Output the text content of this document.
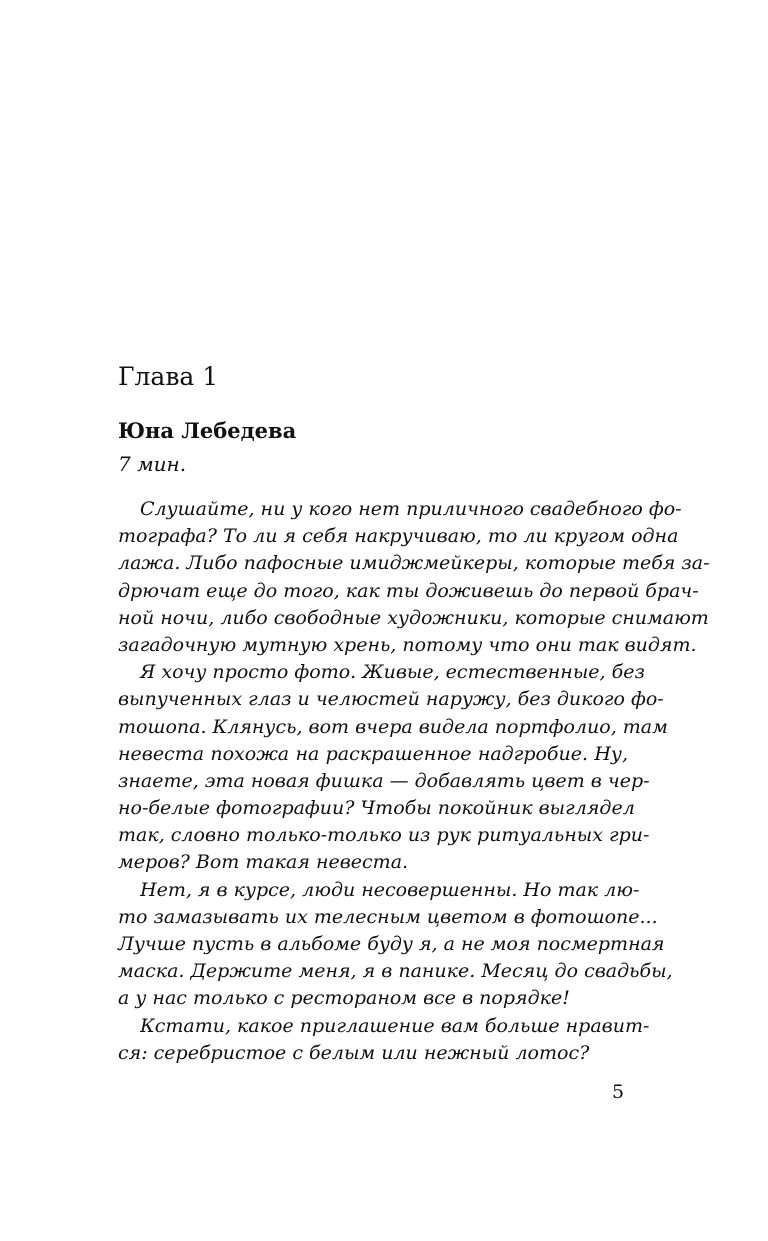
Глава 1

Юна Лебедева

7 мин.

Слушайте, ни у кого нет приличного свадебного фо-
тографа? То ли я себя накручиваю, то ли кругом одна
лажа. Либо пафосные имиджмейкеры, которые тебя за-
дрючат еще до того, как ты доживешь до первой брач-
ной ночи, либо свободные художники, которые снимают
загадочную мутную хрень, потому что они так видят.
Я хочу просто фото. Живые, естественные, без
выпученных глаз и челюстей наружу, без дикого фо-
тошопа. Клянусь, вот вчера видела портфолио, там
невеста похожа на раскрашенное надгробие. Ну,
знаете, эта новая фишка — добавлять цвет в чер-
но-белые фотографии? Чтобы покойник выглядел
так, словно только-только из рук ритуальных гри-
меров? Вот такая невеста.
Нет, я в курсе, люди несовершенны. Но так лю-
то замазывать их телесным цветом в фотошопе...
Лучше пусть в альбоме буду я, а не моя посмертная
маска. Держите меня, я в панике. Месяц до свадьбы,
а у нас только с рестораном все в порядке!
Кстати, какое приглашение вам больше нравит-
ся: серебристое с белым или нежный лотос?

5
